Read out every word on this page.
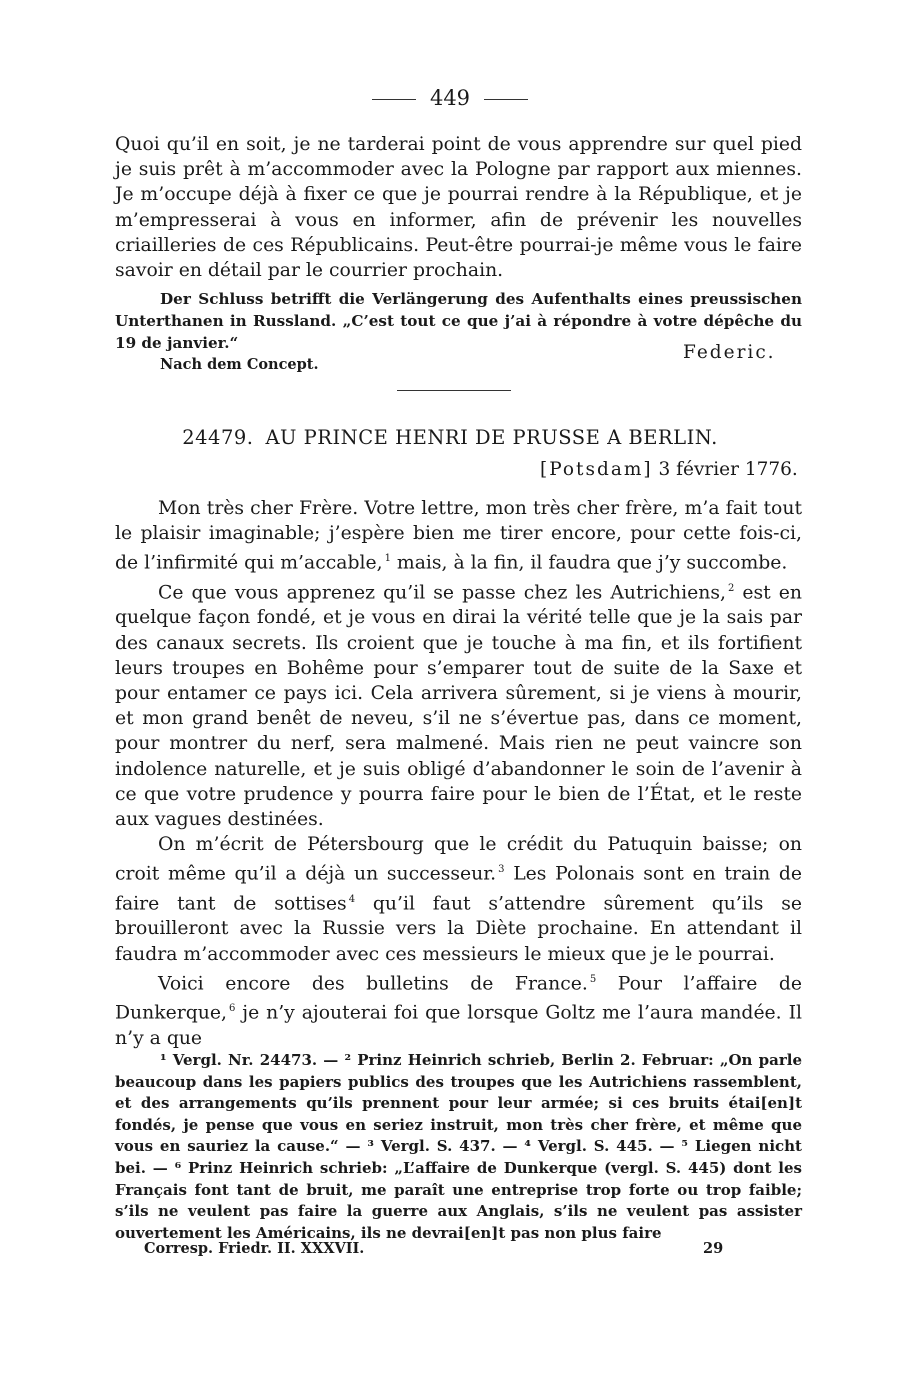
449

Quoi qu’il en soit, je ne tarderai point de vous apprendre sur quel pied je suis prêt à m’accommoder avec la Pologne par rapport aux miennes. Je m’occupe déjà à fixer ce que je pourrai rendre à la République, et je m’empresserai à vous en informer, afin de prévenir les nouvelles criailleries de ces Républicains. Peut-être pourrai-je même vous le faire savoir en détail par le courrier prochain.

Der Schluss betrifft die Verlängerung des Aufenthalts eines preussischen Unterthanen in Russland. „C’est tout ce que j’ai à répondre à votre dépêche du 19 de janvier.“	Federic.
Nach dem Concept.
24479. AU PRINCE HENRI DE PRUSSE A BERLIN.
[Potsdam] 3 février 1776.

Mon très cher Frère. Votre lettre, mon très cher frère, m’a fait tout le plaisir imaginable; j’espère bien me tirer encore, pour cette fois-ci, de l’infirmité qui m’accable, $^1$ mais, à la fin, il faudra que j’y succombe.

Ce que vous apprenez qu’il se passe chez les Autrichiens, $^2$ est en quelque façon fondé, et je vous en dirai la vérité telle que je la sais par des canaux secrets. Ils croient que je touche à ma fin, et ils fortifient leurs troupes en Bohême pour s’emparer tout de suite de la Saxe et pour entamer ce pays ici. Cela arrivera sûrement, si je viens à mourir, et mon grand benêt de neveu, s’il ne s’évertue pas, dans ce moment, pour montrer du nerf, sera malmené. Mais rien ne peut vaincre son indolence naturelle, et je suis obligé d’abandonner le soin de l’avenir à ce que votre prudence y pourra faire pour le bien de l’État, et le reste aux vagues destinées.

On m’écrit de Pétersbourg que le crédit du Patuquin baisse; on croit même qu’il a déjà un successeur. $^3$ Les Polonais sont en train de faire tant de sottises $^4$ qu’il faut s’attendre sûrement qu’ils se brouilleront avec la Russie vers la Diète prochaine. En attendant il faudra m’accommoder avec ces messieurs le mieux que je le pourrai.

Voici encore des bulletins de France. $^5$ Pour l’affaire de Dunkerque, $^6$ je n’y ajouterai foi que lorsque Goltz me l’aura mandée. Il n’y a que

¹ Vergl. Nr. 24473. — ² Prinz Heinrich schrieb, Berlin 2. Februar: „On parle beaucoup dans les papiers publics des troupes que les Autrichiens rassemblent, et des arrangements qu’ils prennent pour leur armée; si ces bruits étai[en]t fondés, je pense que vous en seriez instruit, mon très cher frère, et même que vous en sauriez la cause.“ — ³ Vergl. S. 437. — ⁴ Vergl. S. 445. — ⁵ Liegen nicht bei. — ⁶ Prinz Heinrich schrieb: „L’affaire de Dunkerque (vergl. S. 445) dont les Français font tant de bruit, me paraît une entreprise trop forte ou trop faible; s’ils ne veulent pas faire la guerre aux Anglais, s’ils ne veulent pas assister ouvertement les Américains, ils ne devrai[en]t pas non plus faire

Corresp. Friedr. II. XXXVII.	29
